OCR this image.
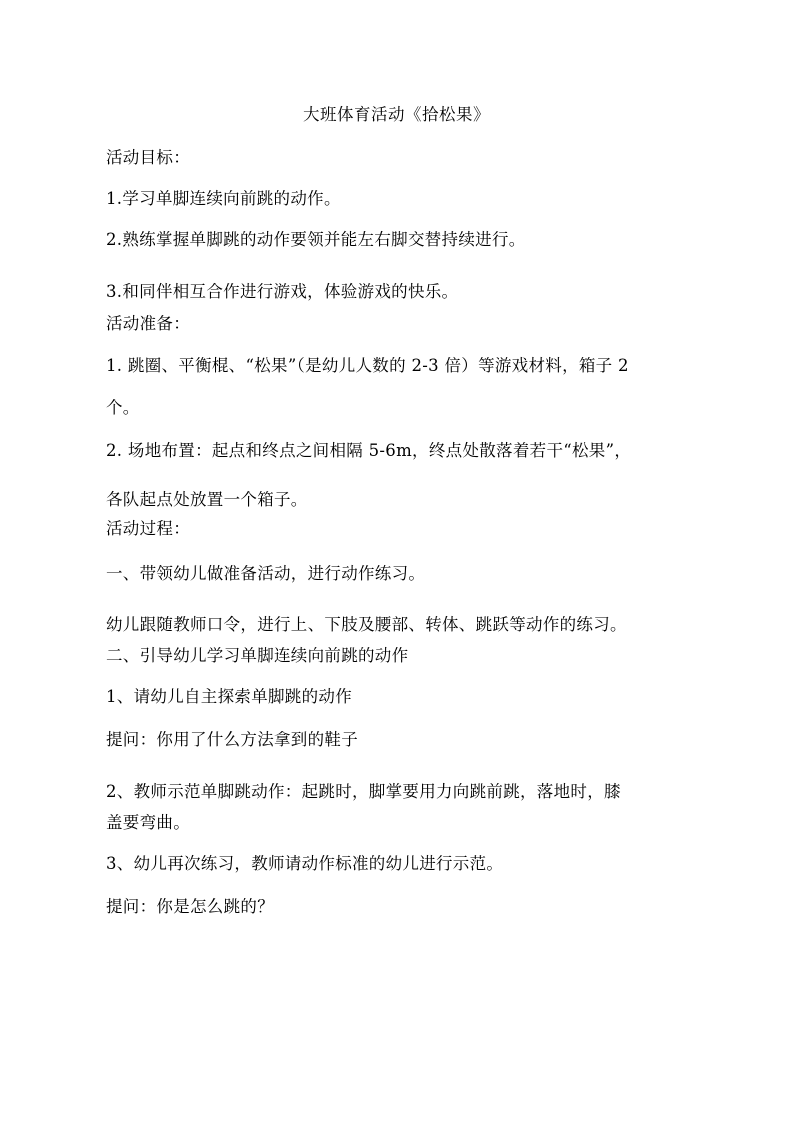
大班体育活动《拾松果》
活动目标：
1.学习单脚连续向前跳的动作。
2.熟练掌握单脚跳的动作要领并能左右脚交替持续进行。
3.和同伴相互合作进行游戏，体验游戏的快乐。
活动准备：
1. 跳圈、平衡棍、“松果”（是幼儿人数的 2-3 倍）等游戏材料，箱子 2
个。
2. 场地布置：起点和终点之间相隔 5-6m，终点处散落着若干“松果”，
各队起点处放置一个箱子。
活动过程：
一、带领幼儿做准备活动，进行动作练习。
幼儿跟随教师口令，进行上、下肢及腰部、转体、跳跃等动作的练习。
二、引导幼儿学习单脚连续向前跳的动作
1、请幼儿自主探索单脚跳的动作
提问：你用了什么方法拿到的鞋子
2、教师示范单脚跳动作：起跳时，脚掌要用力向跳前跳，落地时，膝
盖要弯曲。
3、幼儿再次练习，教师请动作标准的幼儿进行示范。
提问：你是怎么跳的？
